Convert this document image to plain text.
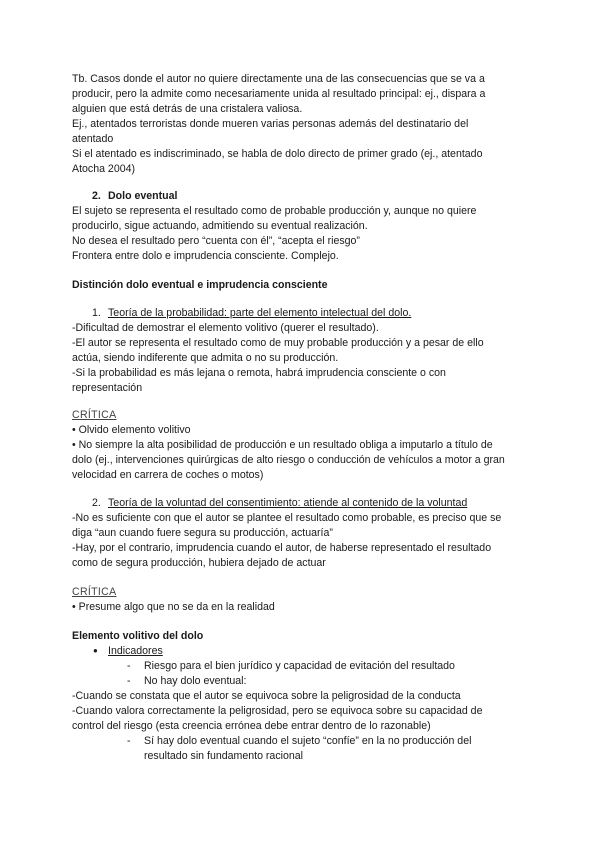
Tb. Casos donde el autor no quiere directamente una de las consecuencias que se va a
producir, pero la admite como necesariamente unida al resultado principal: ej., dispara a
alguien que está detrás de una cristalera valiosa.
Ej., atentados terroristas donde mueren varias personas además del destinatario del
atentado
Si el atentado es indiscriminado, se habla de dolo directo de primer grado (ej., atentado
Atocha 2004)
2. Dolo eventual
El sujeto se representa el resultado como de probable producción y, aunque no quiere
producirlo, sigue actuando, admitiendo su eventual realización.
No desea el resultado pero “cuenta con él”, “acepta el riesgo”
Frontera entre dolo e imprudencia consciente. Complejo.
Distinción dolo eventual e imprudencia consciente
1. Teoría de la probabilidad: parte del elemento intelectual del dolo.
-Dificultad de demostrar el elemento volitivo (querer el resultado).
-El autor se representa el resultado como de muy probable producción y a pesar de ello
actúa, siendo indiferente que admita o no su producción.
-Si la probabilidad es más lejana o remota, habrá imprudencia consciente o con
representación
CRÍTICA
• Olvido elemento volitivo
• No siempre la alta posibilidad de producción e un resultado obliga a imputarlo a título de
dolo (ej., intervenciones quirúrgicas de alto riesgo o conducción de vehículos a motor a gran
velocidad en carrera de coches o motos)
2. Teoría de la voluntad del consentimiento: atiende al contenido de la voluntad
-No es suficiente con que el autor se plantee el resultado como probable, es preciso que se
diga “aun cuando fuere segura su producción, actuaría”
-Hay, por el contrario, imprudencia cuando el autor, de haberse representado el resultado
como de segura producción, hubiera dejado de actuar
CRÍTICA
• Presume algo que no se da en la realidad
Elemento volitivo del dolo
● Indicadores
- Riesgo para el bien jurídico y capacidad de evitación del resultado
- No hay dolo eventual:
-Cuando se constata que el autor se equivoca sobre la peligrosidad de la conducta
-Cuando valora correctamente la peligrosidad, pero se equivoca sobre su capacidad de
control del riesgo (esta creencia errónea debe entrar dentro de lo razonable)
- Sí hay dolo eventual cuando el sujeto “confíe” en la no producción del
resultado sin fundamento racional
